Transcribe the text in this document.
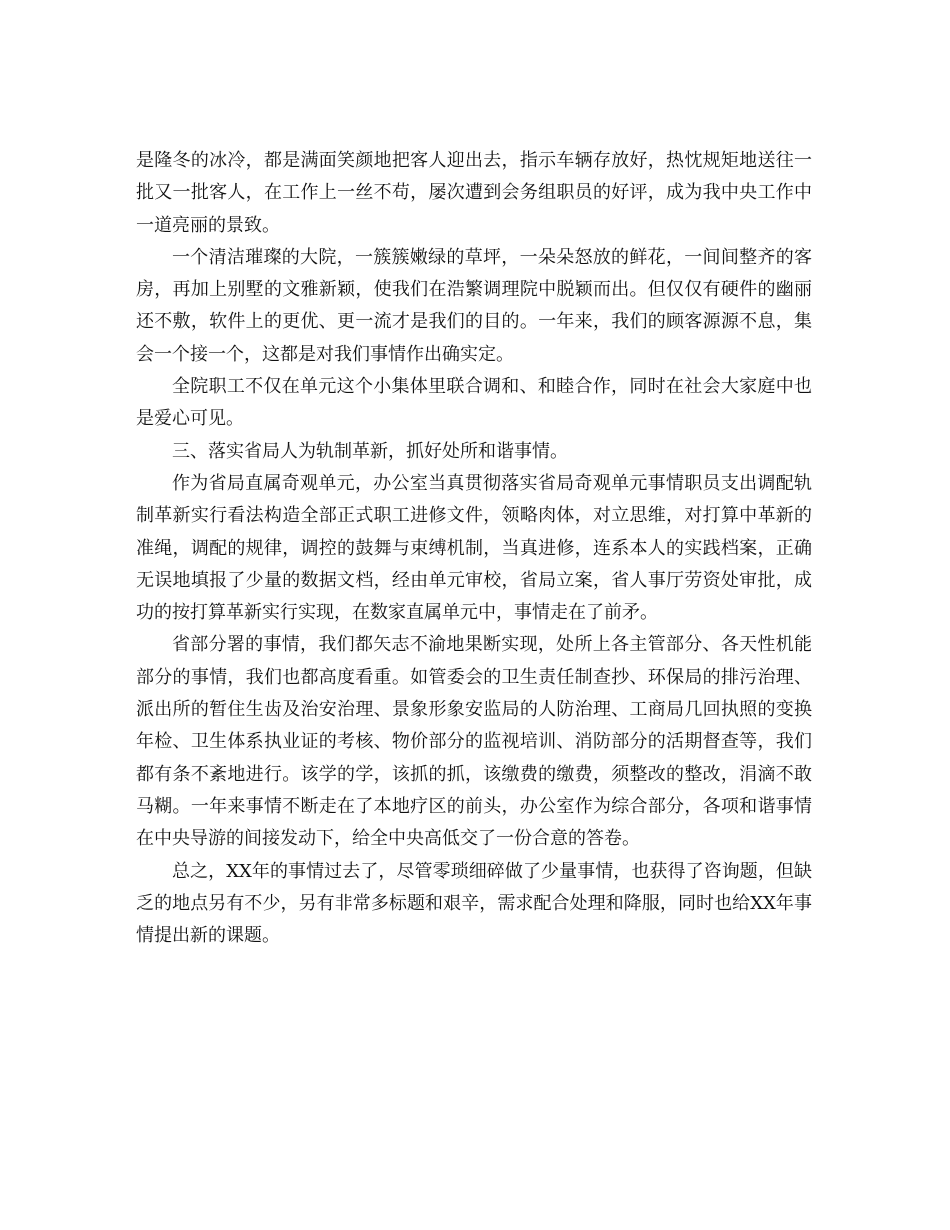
是隆冬的冰冷，都是满面笑颜地把客人迎出去，指示车辆存放好，热忱规矩地送往一批又一批客人，在工作上一丝不苟，屡次遭到会务组职员的好评，成为我中央工作中一道亮丽的景致。

一个清洁璀璨的大院，一簇簇嫩绿的草坪，一朵朵怒放的鲜花，一间间整齐的客房，再加上别墅的文雅新颖，使我们在浩繁调理院中脱颖而出。但仅仅有硬件的幽丽还不敷，软件上的更优、更一流才是我们的目的。一年来，我们的顾客源源不息，集会一个接一个，这都是对我们事情作出确实定。

全院职工不仅在单元这个小集体里联合调和、和睦合作，同时在社会大家庭中也是爱心可见。

三、落实省局人为轨制革新，抓好处所和谐事情。

作为省局直属奇观单元，办公室当真贯彻落实省局奇观单元事情职员支出调配轨制革新实行看法构造全部正式职工进修文件，领略肉体，对立思维，对打算中革新的准绳，调配的规律，调控的鼓舞与束缚机制，当真进修，连系本人的实践档案，正确无误地填报了少量的数据文档，经由单元审校，省局立案，省人事厅劳资处审批，成功的按打算革新实行实现，在数家直属单元中，事情走在了前矛。

省部分署的事情，我们都矢志不渝地果断实现，处所上各主管部分、各天性机能部分的事情，我们也都高度看重。如管委会的卫生责任制查抄、环保局的排污治理、派出所的暂住生齿及治安治理、景象形象安监局的人防治理、工商局几回执照的变换年检、卫生体系执业证的考核、物价部分的监视培训、消防部分的活期督查等，我们都有条不紊地进行。该学的学，该抓的抓，该缴费的缴费，须整改的整改，涓滴不敢马糊。一年来事情不断走在了本地疗区的前头，办公室作为综合部分，各项和谐事情在中央导游的间接发动下，给全中央高低交了一份合意的答卷。

总之，XX年的事情过去了，尽管零琐细碎做了少量事情，也获得了咨询题，但缺乏的地点另有不少，另有非常多标题和艰辛，需求配合处理和降服，同时也给XX年事情提出新的课题。
